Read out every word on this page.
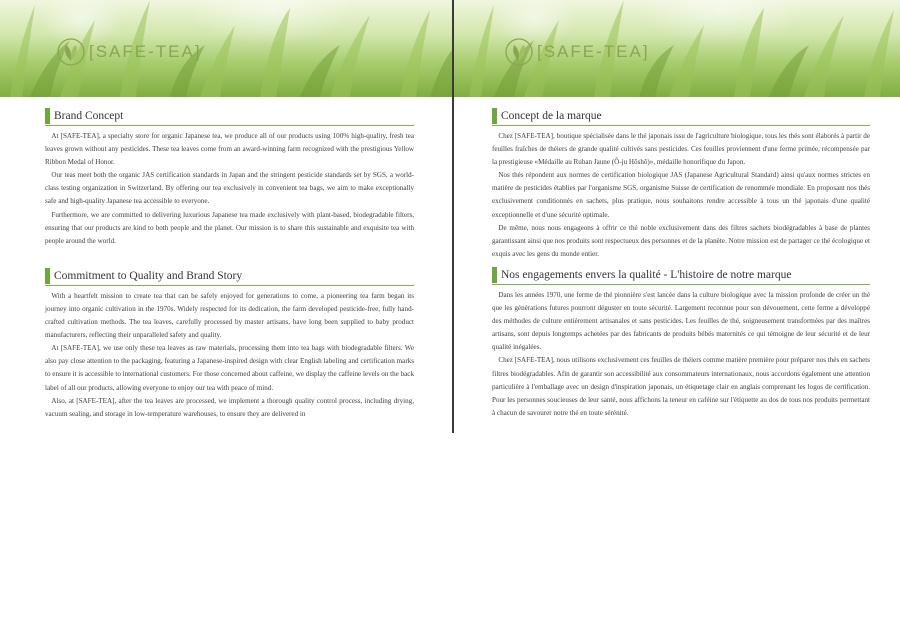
[SAFE-TEA]
Brand Concept

At [SAFE-TEA], a specialty store for organic Japanese tea, we produce all of our products using 100% high-quality, fresh tea leaves grown without any pesticides. These tea leaves come from an award-winning farm recognized with the prestigious Yellow Ribbon Medal of Honor.

Our teas meet both the organic JAS certification standards in Japan and the stringent pesticide standards set by SGS, a world-class testing organization in Switzerland. By offering our tea exclusively in convenient tea bags, we aim to make exceptionally safe and high-quality Japanese tea accessible to everyone.

Furthermore, we are committed to delivering luxurious Japanese tea made exclusively with plant-based, biodegradable filters, ensuring that our products are kind to both people and the planet. Our mission is to share this sustainable and exquisite tea with people around the world.

Commitment to Quality and Brand Story

With a heartfelt mission to create tea that can be safely enjoyed for generations to come, a pioneering tea farm began its journey into organic cultivation in the 1970s. Widely respected for its dedication, the farm developed pesticide-free, fully hand-crafted cultivation methods. The tea leaves, carefully processed by master artisans, have long been supplied to baby product manufacturers, reflecting their unparalleled safety and quality.

At [SAFE-TEA], we use only these tea leaves as raw materials, processing them into tea bags with biodegradable filters. We also pay close attention to the packaging, featuring a Japanese-inspired design with clear English labeling and certification marks to ensure it is accessible to international customers. For those concerned about caffeine, we display the caffeine levels on the back label of all our products, allowing everyone to enjoy our tea with peace of mind.

Also, at [SAFE-TEA], after the tea leaves are processed, we implement a thorough quality control process, including drying, vacuum sealing, and storage in low-temperature warehouses, to ensure they are delivered in

[SAFE-TEA]
Concept de la marque

Chez [SAFE-TEA], boutique spécialisée dans le thé japonais issu de l'agriculture biologique, tous les thés sont élaborés à partir de feuilles fraîches de théiers de grande qualité cultivés sans pesticides. Ces feuilles proviennent d'une ferme primée, récompensée par la prestigieuse «Médaille au Ruban Jaune (Ô-ju Hôshô)», médaille honorifique du Japon.

Nos thés répondent aux normes de certification biologique JAS (Japanese Agricultural Standard) ainsi qu'aux normes strictes en matière de pesticides établies par l'organisme SGS, organisme Suisse de certification de renommée mondiale. En proposant nos thés exclusivement conditionnés en sachets, plus pratique, nous souhaitons rendre accessible à tous un thé japonais d'une qualité exceptionnelle et d'une sécurité optimale.

De même, nous nous engageons à offrir ce thé noble exclusivement dans des filtres sachets biodégradables à base de plantes garantissant ainsi que nos produits sont respectueux des personnes et de la planète. Notre mission est de partager ce thé écologique et exquis avec les gens du monde entier.

Nos engagements envers la qualité - L'histoire de notre marque

Dans les années 1970, une ferme de thé pionnière s'est lancée dans la culture biologique avec la mission profonde de créer un thé que les générations futures pourront déguster en toute sécurité. Largement reconnue pour son dévouement, cette ferme a développé des méthodes de culture entièrement artisanales et sans pesticides. Les feuilles de thé, soigneusement transformées par des maîtres artisans, sont depuis longtemps achetées par des fabricants de produits bébés maternités ce qui témoigne de leur sécurité et de leur qualité inégalées.

Chez [SAFE-TEA], nous utilisons exclusivement ces feuilles de théiers comme matière première pour préparer nos thés en sachets filtres biodégradables. Afin de garantir son accessibilité aux consommateurs internationaux, nous accordons également une attention particulière à l'emballage avec un design d'inspiration japonais, un étiquetage clair en anglais comprenant les logos de certification. Pour les personnes soucieuses de leur santé, nous affichons la teneur en caféine sur l'étiquette au dos de tous nos produits permettant à chacun de savourer notre thé en toute sérénité.
